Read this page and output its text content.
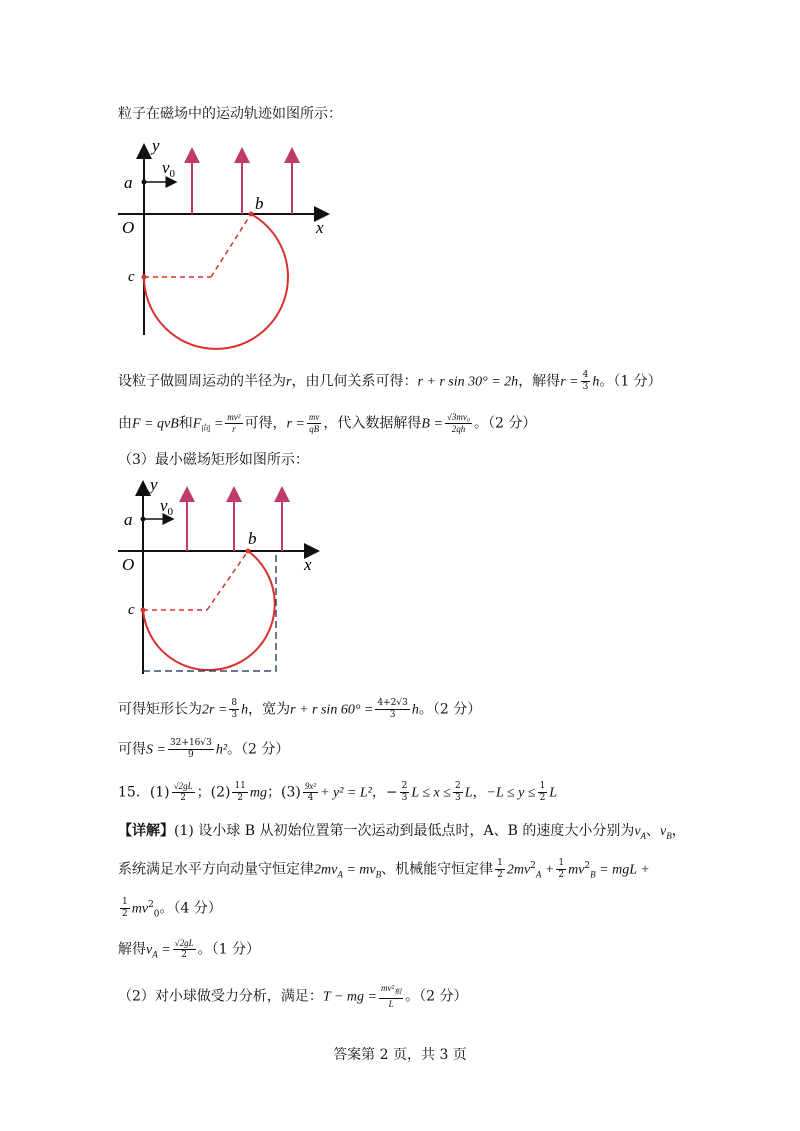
粒子在磁场中的运动轨迹如图所示：
y
$v_0$
a
b
O	x
c
设粒子做圆周运动的半径为r，由几何关系可得：r + r sin 30° = 2h，解得$r = \frac{4}{3}$ h。（1 分）
由F = qvB和$F_向 = \frac{\text{mv²}}{r}$ 可得，$r = \frac{mv}{qB}$ ，代入数据解得$B = \frac{\text{√3mv₀}}{2qh}$ 。（2 分）
（3）最小磁场矩形如图所示：
y
$v_0$
a
b
O	x
c
可得矩形长为$2r = \frac{8}{3}$ h，宽为r + r $\sin 60^\circ = \frac{4+2√3}{3}$ h。（2 分）
可得$S = \frac{32+16√3}{9} h^2$。（2 分）
15．$(1) \frac{√2gL}{2}$ ；$(2) \frac{11}{2}$ mg；$(3) \frac{\text{9x²}}{4} + y^2 = L^2$，− $\frac{2}{3}$ $L \le x \le \frac{2}{3}$ L，$-L \le y \le \frac{1}{2}$ L
【详解】(1) 设小球 B 从初始位置第一次运动到最低点时，A、B 的速度大小分别为$v_A$、$v_B$，
系统满足水平方向动量守恒定律$2mv_A = mv_B$、机械能守恒定律 $\frac{1}{2} 2mv^2_A + \frac{1}{2} mv^2_B$ = mgL +
$\frac{1}{2} mv^2_0$。（4 分）
解得$v_A = \frac{√2gL}{2}$ 。（1 分）
（2）对小球做受力分析，满足：T − mg = $\frac{mv^2_相}{L}$ 。（2 分）
答案第 2 页，共 3 页
